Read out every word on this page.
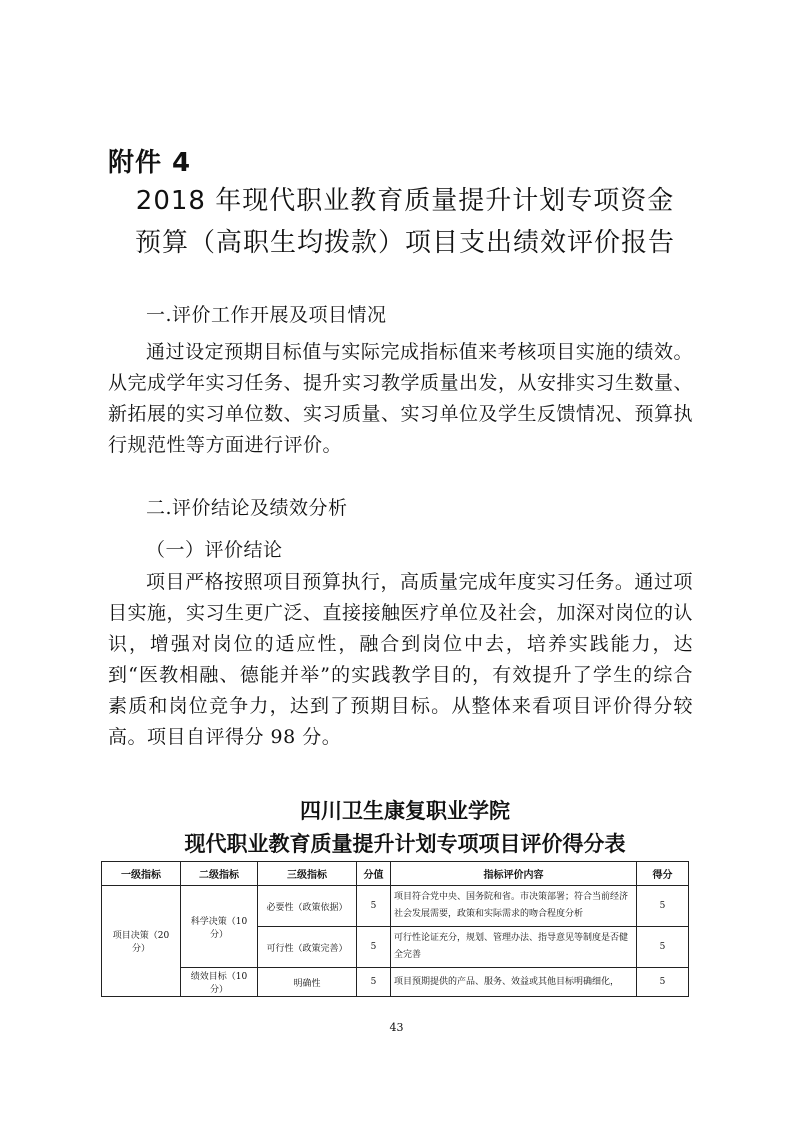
附件 4
2018 年现代职业教育质量提升计划专项资金
预算（高职生均拨款）项目支出绩效评价报告
一.评价工作开展及项目情况
通过设定预期目标值与实际完成指标值来考核项目实施的绩效。从完成学年实习任务、提升实习教学质量出发，从安排实习生数量、新拓展的实习单位数、实习质量、实习单位及学生反馈情况、预算执行规范性等方面进行评价。
二.评价结论及绩效分析
（一）评价结论
项目严格按照项目预算执行，高质量完成年度实习任务。通过项目实施，实习生更广泛、直接接触医疗单位及社会，加深对岗位的认识，增强对岗位的适应性，融合到岗位中去，培养实践能力，达到“医教相融、德能并举”的实践教学目的，有效提升了学生的综合素质和岗位竞争力，达到了预期目标。从整体来看项目评价得分较高。项目自评得分 98 分。
四川卫生康复职业学院
现代职业教育质量提升计划专项项目评价得分表
一级指标	二级指标	三级指标	分值	指标评价内容	得分
项目决策（20 分）	科学决策（10 分）	必要性（政策依据）	5	项目符合党中央、国务院和省。市决策部署；符合当前经济社会发展需要，政策和实际需求的吻合程度分析	5
		可行性（政策完善）	5	可行性论证充分，规划、管理办法、指导意见等制度是否健全完善	5
	绩效目标（10 分）	明确性	5	项目预期提供的产品、服务、效益或其他目标明确细化，	5
43
